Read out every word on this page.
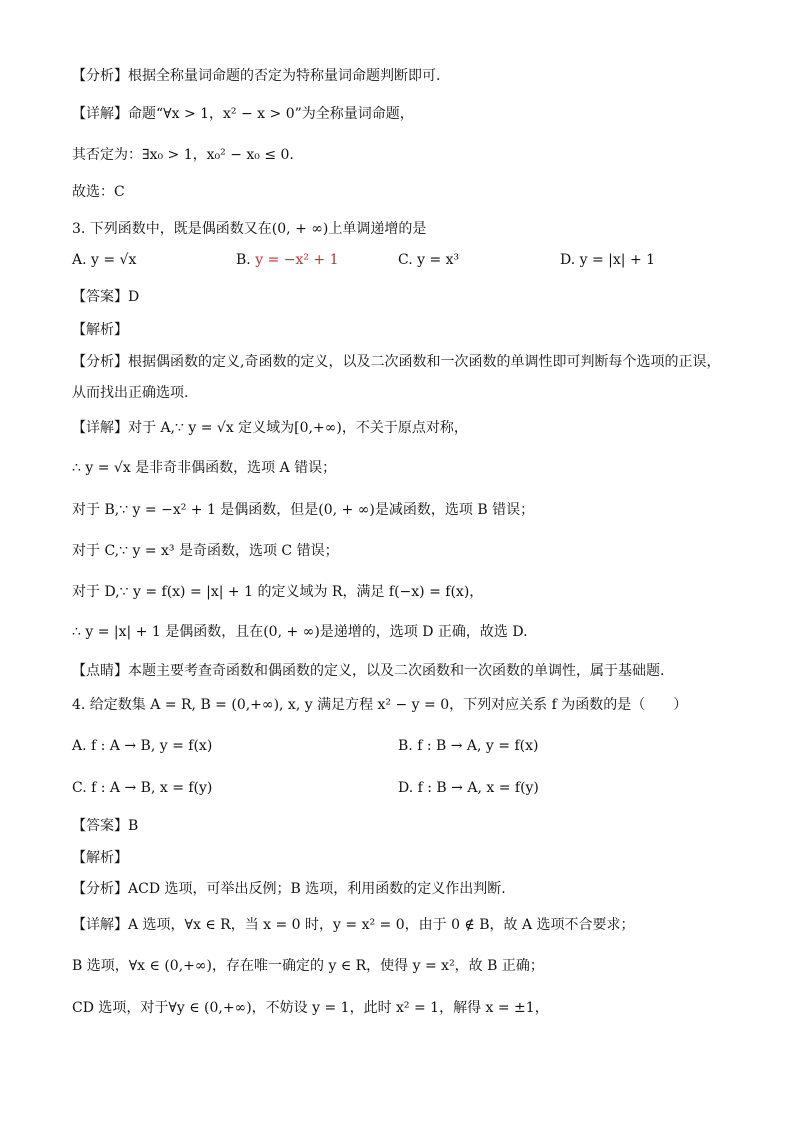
【分析】根据全称量词命题的否定为特称量词命题判断即可.
【详解】命题“∀x > 1，x² − x > 0”为全称量词命题，
其否定为：∃x₀ > 1，x₀² − x₀ ≤ 0.
故选：C
3. 下列函数中，既是偶函数又在(0, + ∞)上单调递增的是
A. y = √x	B. y = −x² + 1	C. y = x³	D. y = |x| + 1
【答案】D
【解析】
【分析】根据偶函数的定义,奇函数的定义，以及二次函数和一次函数的单调性即可判断每个选项的正误，
从而找出正确选项.
【详解】对于 A,∵ y = √x 定义域为[0,+∞)，不关于原点对称，
∴ y = √x 是非奇非偶函数，选项 A 错误；
对于 B,∵ y = −x² + 1 是偶函数，但是(0, + ∞)是减函数，选项 B 错误；
对于 C,∵ y = x³ 是奇函数，选项 C 错误；
对于 D,∵ y = f(x) = |x| + 1 的定义域为 R，满足 f(−x) = f(x)，
∴ y = |x| + 1 是偶函数，且在(0, + ∞)是递增的，选项 D 正确，故选 D.
【点睛】本题主要考查奇函数和偶函数的定义，以及二次函数和一次函数的单调性，属于基础题.
4. 给定数集 A = R, B = (0,+∞), x, y 满足方程 x² − y = 0，下列对应关系 f 为函数的是（　　）
A. f : A → B, y = f(x)	B. f : B → A, y = f(x)
C. f : A → B, x = f(y)	D. f : B → A, x = f(y)
【答案】B
【解析】
【分析】ACD 选项，可举出反例；B 选项，利用函数的定义作出判断.
【详解】A 选项，∀x ∈ R，当 x = 0 时，y = x² = 0，由于 0 ∉ B，故 A 选项不合要求；
B 选项，∀x ∈ (0,+∞)，存在唯一确定的 y ∈ R，使得 y = x²，故 B 正确；
CD 选项，对于∀y ∈ (0,+∞)，不妨设 y = 1，此时 x² = 1，解得 x = ±1，
